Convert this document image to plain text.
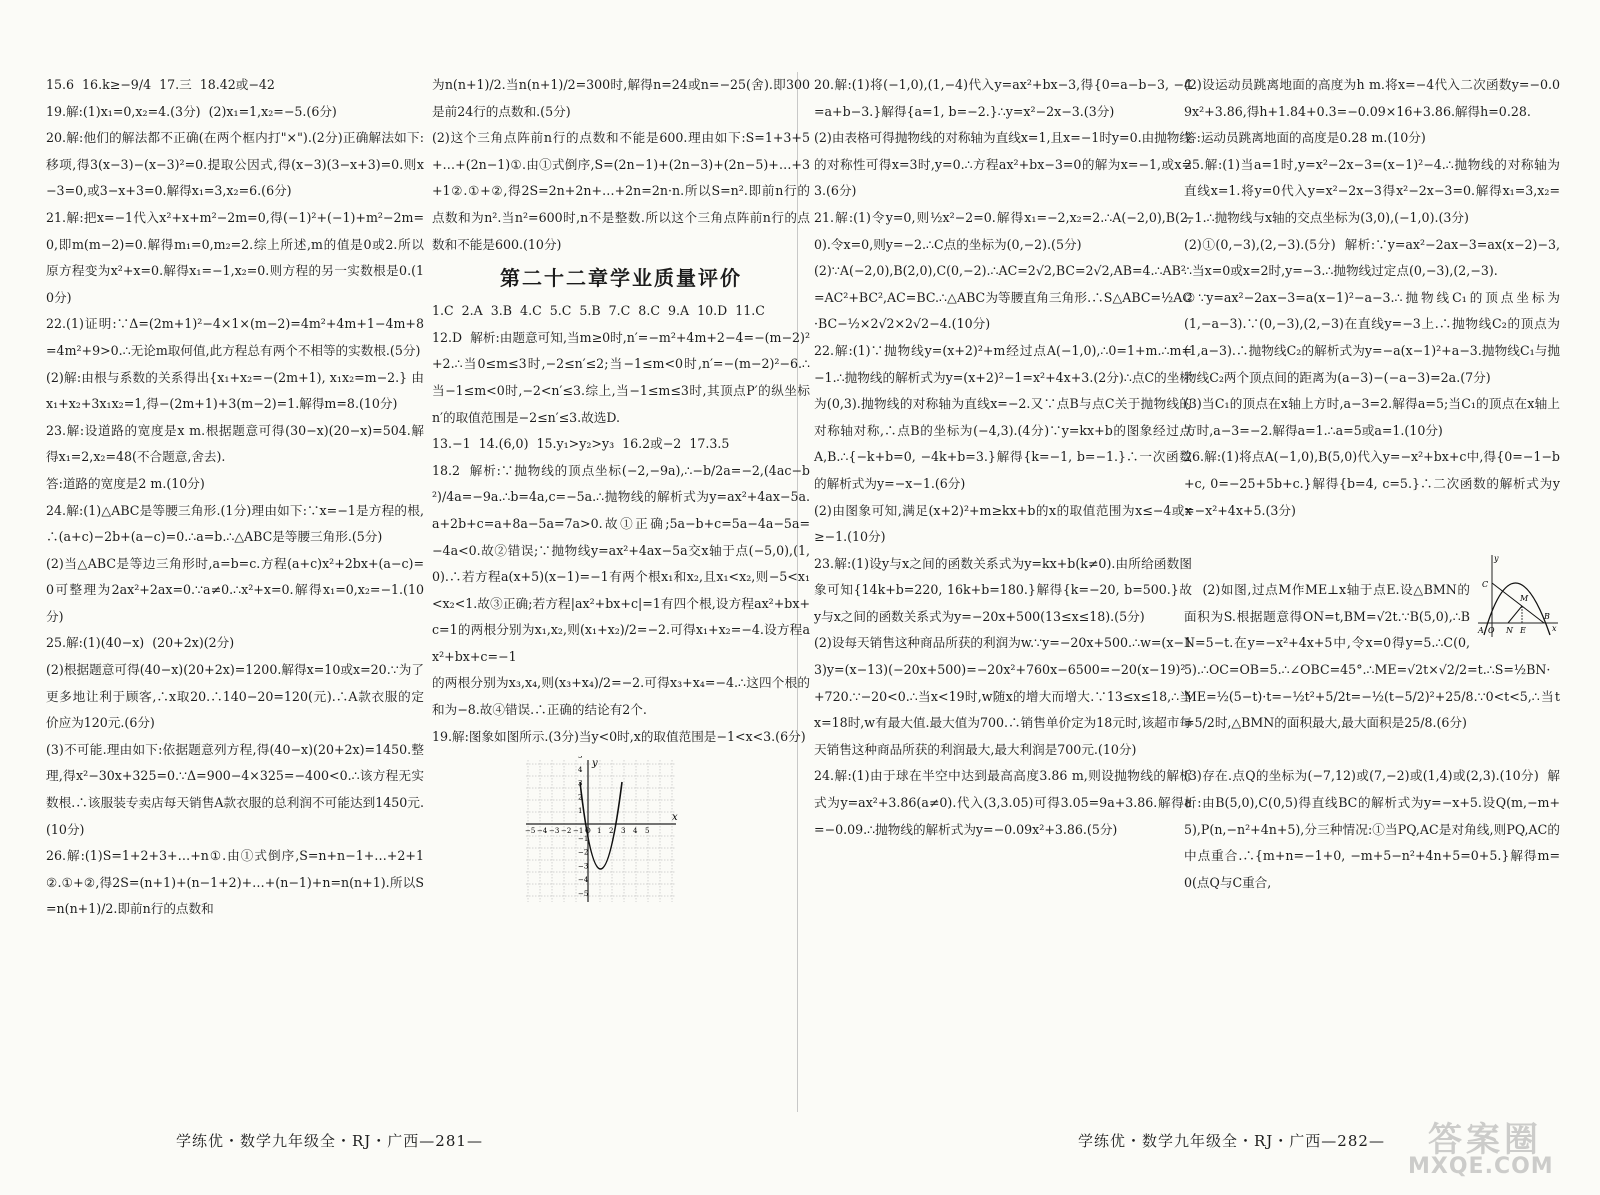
15.6  16.k≥−9/4  17.三  18.42或−42

19.解:(1)x₁=0,x₂=4.(3分)  (2)x₁=1,x₂=−5.(6分)

20.解:他们的解法都不正确(在两个框内打"×").(2分)正确解法如下:移项,得3(x−3)−(x−3)²=0.提取公因式,得(x−3)(3−x+3)=0.则x−3=0,或3−x+3=0.解得x₁=3,x₂=6.(6分)

21.解:把x=−1代入x²+x+m²−2m=0,得(−1)²+(−1)+m²−2m=0,即m(m−2)=0.解得m₁=0,m₂=2.综上所述,m的值是0或2.所以原方程变为x²+x=0.解得x₁=−1,x₂=0.则方程的另一实数根是0.(10分)

22.(1)证明:∵Δ=(2m+1)²−4×1×(m−2)=4m²+4m+1−4m+8=4m²+9>0.∴无论m取何值,此方程总有两个不相等的实数根.(5分)

(2)解:由根与系数的关系得出{x₁+x₂=−(2m+1), x₁x₂=m−2.} 由x₁+x₂+3x₁x₂=1,得−(2m+1)+3(m−2)=1.解得m=8.(10分)

23.解:设道路的宽度是x m.根据题意可得(30−x)(20−x)=504.解得x₁=2,x₂=48(不合题意,舍去).

答:道路的宽度是2 m.(10分)

24.解:(1)△ABC是等腰三角形.(1分)理由如下:∵x=−1是方程的根,∴(a+c)−2b+(a−c)=0.∴a=b.∴△ABC是等腰三角形.(5分)

(2)当△ABC是等边三角形时,a=b=c.方程(a+c)x²+2bx+(a−c)=0可整理为2ax²+2ax=0.∵a≠0.∴x²+x=0.解得x₁=0,x₂=−1.(10分)

25.解:(1)(40−x)  (20+2x)(2分)

(2)根据题意可得(40−x)(20+2x)=1200.解得x=10或x=20.∵为了更多地让利于顾客,∴x取20.∴140−20=120(元).∴A款衣服的定价应为120元.(6分)

(3)不可能.理由如下:依据题意列方程,得(40−x)(20+2x)=1450.整理,得x²−30x+325=0.∵Δ=900−4×325=−400<0.∴该方程无实数根.∴该服装专卖店每天销售A款衣服的总利润不可能达到1450元.(10分)

26.解:(1)S=1+2+3+…+n①.由①式倒序,S=n+n−1+…+2+1②.①+②,得2S=(n+1)+(n−1+2)+…+(n−1)+n=n(n+1).所以S=n(n+1)/2.即前n行的点数和

为n(n+1)/2.当n(n+1)/2=300时,解得n=24或n=−25(舍).即300是前24行的点数和.(5分)

(2)这个三角点阵前n行的点数和不能是600.理由如下:S=1+3+5+…+(2n−1)①.由①式倒序,S=(2n−1)+(2n−3)+(2n−5)+…+3+1②.①+②,得2S=2n+2n+…+2n=2n·n.所以S=n².即前n行的点数和为n².当n²=600时,n不是整数.所以这个三角点阵前n行的点数和不能是600.(10分)

第二十二章学业质量评价

1.C  2.A  3.B  4.C  5.C  5.B  7.C  8.C  9.A  10.D  11.C

12.D  解析:由题意可知,当m≥0时,n′=−m²+4m+2−4=−(m−2)²+2.∴当0≤m≤3时,−2≤n′≤2;当−1≤m<0时,n′=−(m−2)²−6.∴当−1≤m<0时,−2<n′≤3.综上,当−1≤m≤3时,其顶点P′的纵坐标n′的取值范围是−2≤n′≤3.故选D.

13.−1  14.(6,0)  15.y₁>y₂>y₃  16.2或−2  17.3.5

18.2  解析:∵抛物线的顶点坐标(−2,−9a),∴−b/2a=−2,(4ac−b²)/4a=−9a.∴b=4a,c=−5a.∴抛物线的解析式为y=ax²+4ax−5a.a+2b+c=a+8a−5a=7a>0.故①正确;5a−b+c=5a−4a−5a=−4a<0.故②错误;∵抛物线y=ax²+4ax−5a交x轴于点(−5,0),(1,0).∴若方程a(x+5)(x−1)=−1有两个根x₁和x₂,且x₁<x₂,则−5<x₁<x₂<1.故③正确;若方程|ax²+bx+c|=1有四个根,设方程ax²+bx+c=1的两根分别为x₁,x₂,则(x₁+x₂)/2=−2.可得x₁+x₂=−4.设方程ax²+bx+c=−1

的两根分别为x₃,x₄,则(x₃+x₄)/2=−2.可得x₃+x₄=−4.∴这四个根的和为−8.故④错误.∴正确的结论有2个.

19.解:图象如图所示.(3分)当y<0时,x的取值范围是−1<x<3.(6分)

−5 −4 −3 −2 −1 O 1 2 3 4 5
5
4
3
2
1
−1
−2
−3
−4
−5
x
y

20.解:(1)将(−1,0),(1,−4)代入y=ax²+bx−3,得{0=a−b−3, −4=a+b−3.}解得{a=1, b=−2.}∴y=x²−2x−3.(3分)

(2)由表格可得抛物线的对称轴为直线x=1,且x=−1时y=0.由抛物线的对称性可得x=3时,y=0.∴方程ax²+bx−3=0的解为x=−1,或x=3.(6分)

21.解:(1)令y=0,则½x²−2=0.解得x₁=−2,x₂=2.∴A(−2,0),B(2,0).令x=0,则y=−2.∴C点的坐标为(0,−2).(5分)

(2)∵A(−2,0),B(2,0),C(0,−2).∴AC=2√2,BC=2√2,AB=4.∴AB²=AC²+BC²,AC=BC.∴△ABC为等腰直角三角形.∴S△ABC=½AC·BC−½×2√2×2√2−4.(10分)

22.解:(1)∵抛物线y=(x+2)²+m经过点A(−1,0),∴0=1+m.∴m=−1.∴抛物线的解析式为y=(x+2)²−1=x²+4x+3.(2分)∴点C的坐标为(0,3).抛物线的对称轴为直线x=−2.又∵点B与点C关于抛物线的对称轴对称,∴点B的坐标为(−4,3).(4分)∵y=kx+b的图象经过点A,B.∴{−k+b=0, −4k+b=3.}解得{k=−1, b=−1.}∴一次函数的解析式为y=−x−1.(6分)

(2)由图象可知,满足(x+2)²+m≥kx+b的x的取值范围为x≤−4或x≥−1.(10分)

23.解:(1)设y与x之间的函数关系式为y=kx+b(k≠0).由所给函数图象可知{14k+b=220, 16k+b=180.}解得{k=−20, b=500.}故y与x之间的函数关系式为y=−20x+500(13≤x≤18).(5分)

(2)设每天销售这种商品所获的利润为w.∵y=−20x+500.∴w=(x−13)y=(x−13)(−20x+500)=−20x²+760x−6500=−20(x−19)²+720.∵−20<0.∴当x<19时,w随x的增大而增大.∵13≤x≤18,∴当x=18时,w有最大值.最大值为700.∴销售单价定为18元时,该超市每天销售这种商品所获的利润最大,最大利润是700元.(10分)

24.解:(1)由于球在半空中达到最高高度3.86 m,则设抛物线的解析式为y=ax²+3.86(a≠0).代入(3,3.05)可得3.05=9a+3.86.解得a=−0.09.∴抛物线的解析式为y=−0.09x²+3.86.(5分)

(2)设运动员跳离地面的高度为h m.将x=−4代入二次函数y=−0.09x²+3.86,得h+1.84+0.3=−0.09×16+3.86.解得h=0.28.

答:运动员跳离地面的高度是0.28 m.(10分)

25.解:(1)当a=1时,y=x²−2x−3=(x−1)²−4.∴抛物线的对称轴为直线x=1.将y=0代入y=x²−2x−3得x²−2x−3=0.解得x₁=3,x₂=−1.∴抛物线与x轴的交点坐标为(3,0),(−1,0).(3分)

(2)①(0,−3),(2,−3).(5分)  解析:∵y=ax²−2ax−3=ax(x−2)−3,∴当x=0或x=2时,y=−3.∴抛物线过定点(0,−3),(2,−3).

②∵y=ax²−2ax−3=a(x−1)²−a−3.∴抛物线C₁的顶点坐标为(1,−a−3).∵(0,−3),(2,−3)在直线y=−3上.∴抛物线C₂的顶点为(1,a−3).∴抛物线C₂的解析式为y=−a(x−1)²+a−3.抛物线C₁与抛物线C₂两个顶点间的距离为(a−3)−(−a−3)=2a.(7分)

(3)当C₁的顶点在x轴上方时,a−3=2.解得a=5;当C₁的顶点在x轴上方时,a−3=−2.解得a=1.∴a=5或a=1.(10分)

26.解:(1)将点A(−1,0),B(5,0)代入y=−x²+bx+c中,得{0=−1−b+c, 0=−25+5b+c.}解得{b=4, c=5.}∴二次函数的解析式为y=−x²+4x+5.(3分)

y
C
M
A O	E
N
B
x

(2)如图,过点M作ME⊥x轴于点E.设△BMN的面积为S.根据题意得ON=t,BM=√2t.∵B(5,0),∴BN=5−t.在y=−x²+4x+5中,令x=0得y=5.∴C(0,5).∴OC=OB=5.∴∠OBC=45°.∴ME=√2t×√2/2=t.∴S=½BN·ME=½(5−t)·t=−½t²+5/2t=−½(t−5/2)²+25/8.∵0<t<5,∴当t=5/2时,△BMN的面积最大,最大面积是25/8.(6分)

(3)存在.点Q的坐标为(−7,12)或(7,−2)或(1,4)或(2,3).(10分)  解析:由B(5,0),C(0,5)得直线BC的解析式为y=−x+5.设Q(m,−m+5),P(n,−n²+4n+5),分三种情况:①当PQ,AC是对角线,则PQ,AC的中点重合.∴{m+n=−1+0, −m+5−n²+4n+5=0+5.}解得m=0(点Q与C重合,

学练优・数学九年级全・RJ・广西—281—	学练优・数学九年级全・RJ・广西—282— 答案圈
MXQE.COM
